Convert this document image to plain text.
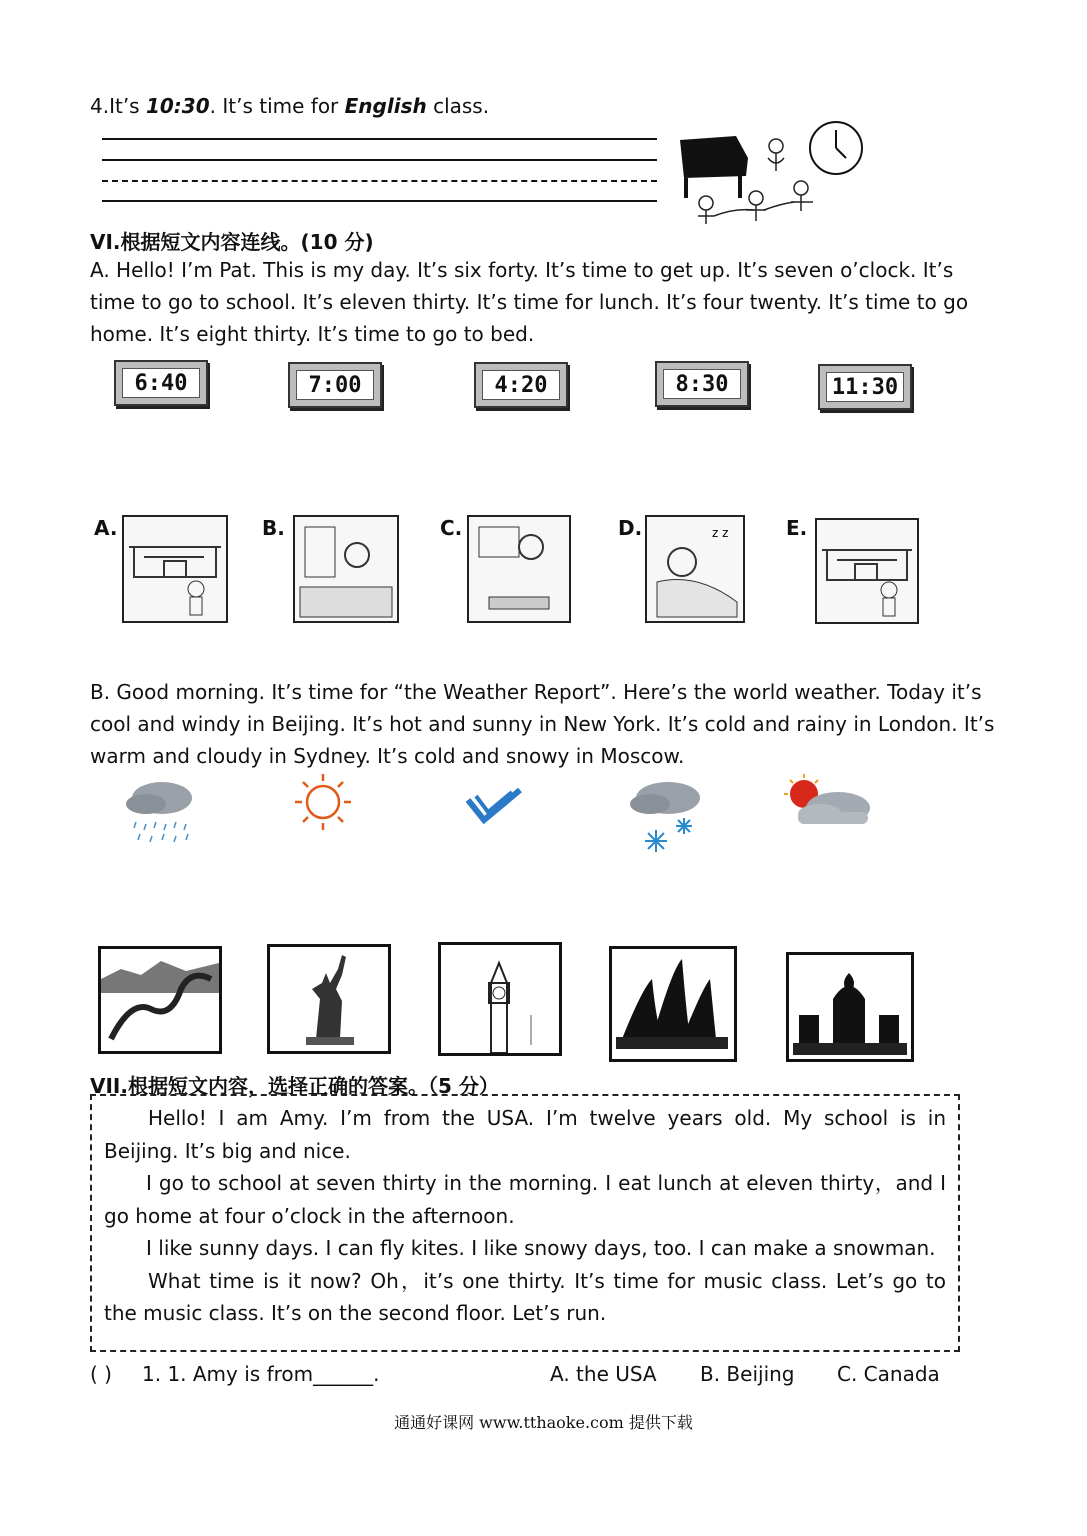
4.It’s 10:30. It’s time for English class.
VI.根据短文内容连线。(10 分)
A. Hello! I’m Pat. This is my day. It’s six forty. It’s time to get up. It’s seven o’clock. It’s
time to go to school. It’s eleven thirty. It’s time for lunch. It’s four twenty. It’s time to go
home. It’s eight thirty. It’s time to go to bed.
6:40	7:00	4:20	8:30	11:30
A.	B.	C.	D.	z z	E.
B. Good morning. It’s time for “the Weather Report”. Here’s the world weather. Today it’s
cool and windy in Beijing. It’s hot and sunny in New York. It’s cold and rainy in London. It’s
warm and cloudy in Sydney. It’s cold and snowy in Moscow.
VII.根据短文内容，选择正确的答案。（5 分）
Hello! I am Amy. I’m from the USA. I’m twelve years old. My school is in
Beijing. It’s big and nice.
I go to school at seven thirty in the morning. I eat lunch at eleven thirty，and I
go home at four o’clock in the afternoon.
I like sunny days. I can fly kites. I like snowy days, too. I can make a snowman.
What time is it now? Oh，it’s one thirty. It’s time for music class. Let’s go to
the music class. It’s on the second floor. Let’s run.
( ) 1. 1. Amy is from______.	A. the USA B. Beijing C. Canada
通通好课网 www.tthaoke.com 提供下载
